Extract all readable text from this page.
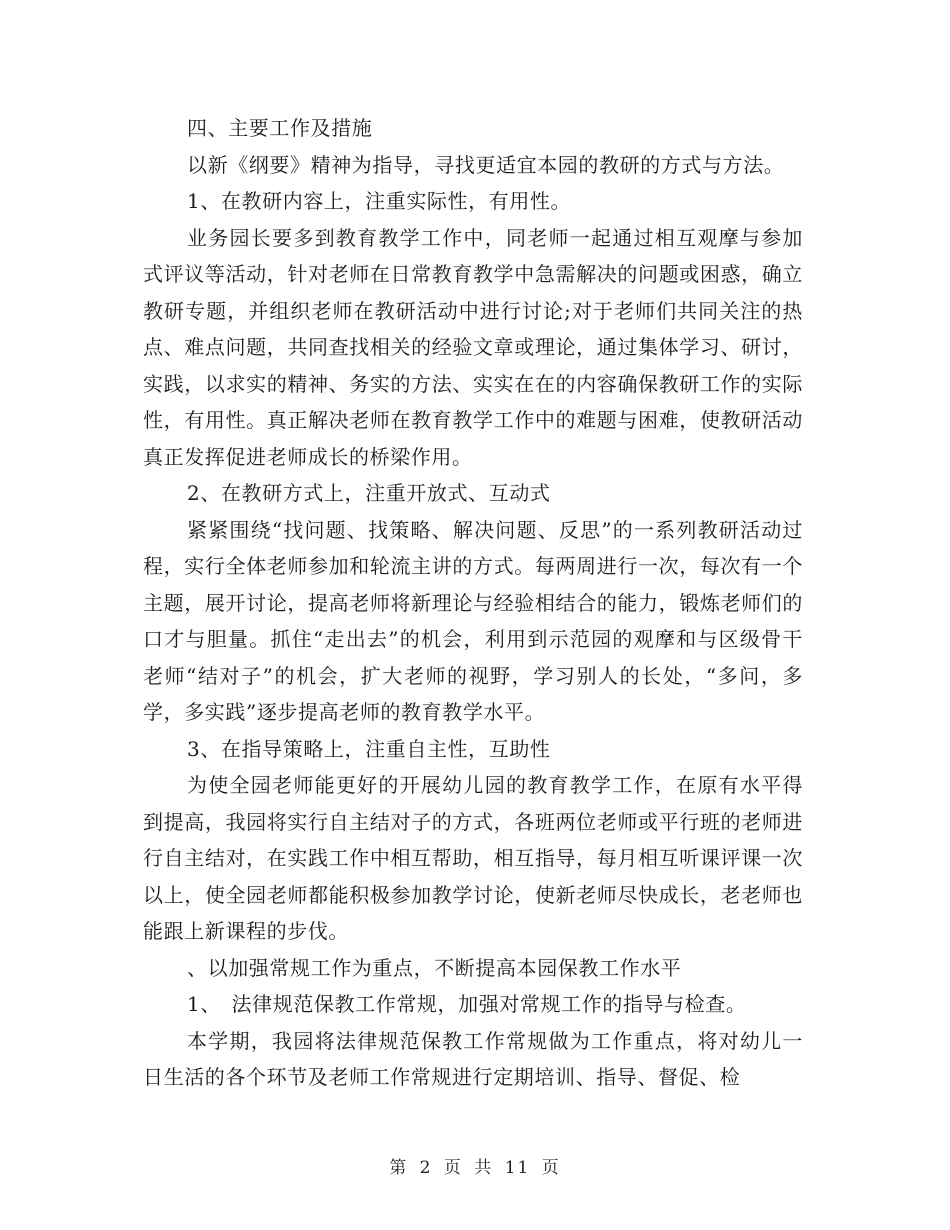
四、主要工作及措施

以新《纲要》精神为指导，寻找更适宜本园的教研的方式与方法。

1、在教研内容上，注重实际性，有用性。

业务园长要多到教育教学工作中，同老师一起通过相互观摩与参加式评议等活动，针对老师在日常教育教学中急需解决的问题或困惑，确立教研专题，并组织老师在教研活动中进行讨论;对于老师们共同关注的热点、难点问题，共同查找相关的经验文章或理论，通过集体学习、研讨，实践，以求实的精神、务实的方法、实实在在的内容确保教研工作的实际性，有用性。真正解决老师在教育教学工作中的难题与困难，使教研活动真正发挥促进老师成长的桥梁作用。

2、在教研方式上，注重开放式、互动式

紧紧围绕“找问题、找策略、解决问题、反思”的一系列教研活动过程，实行全体老师参加和轮流主讲的方式。每两周进行一次，每次有一个主题，展开讨论，提高老师将新理论与经验相结合的能力，锻炼老师们的口才与胆量。抓住“走出去”的机会，利用到示范园的观摩和与区级骨干老师“结对子”的机会，扩大老师的视野，学习别人的长处，“多问，多学，多实践”逐步提高老师的教育教学水平。

3、在指导策略上，注重自主性，互助性

为使全园老师能更好的开展幼儿园的教育教学工作，在原有水平得到提高，我园将实行自主结对子的方式，各班两位老师或平行班的老师进行自主结对，在实践工作中相互帮助，相互指导，每月相互听课评课一次以上，使全园老师都能积极参加教学讨论，使新老师尽快成长，老老师也能跟上新课程的步伐。

、以加强常规工作为重点，不断提高本园保教工作水平

1、　法律规范保教工作常规，加强对常规工作的指导与检查。

本学期，我园将法律规范保教工作常规做为工作重点，将对幼儿一日生活的各个环节及老师工作常规进行定期培训、指导、督促、检

第 2 页 共 11 页
